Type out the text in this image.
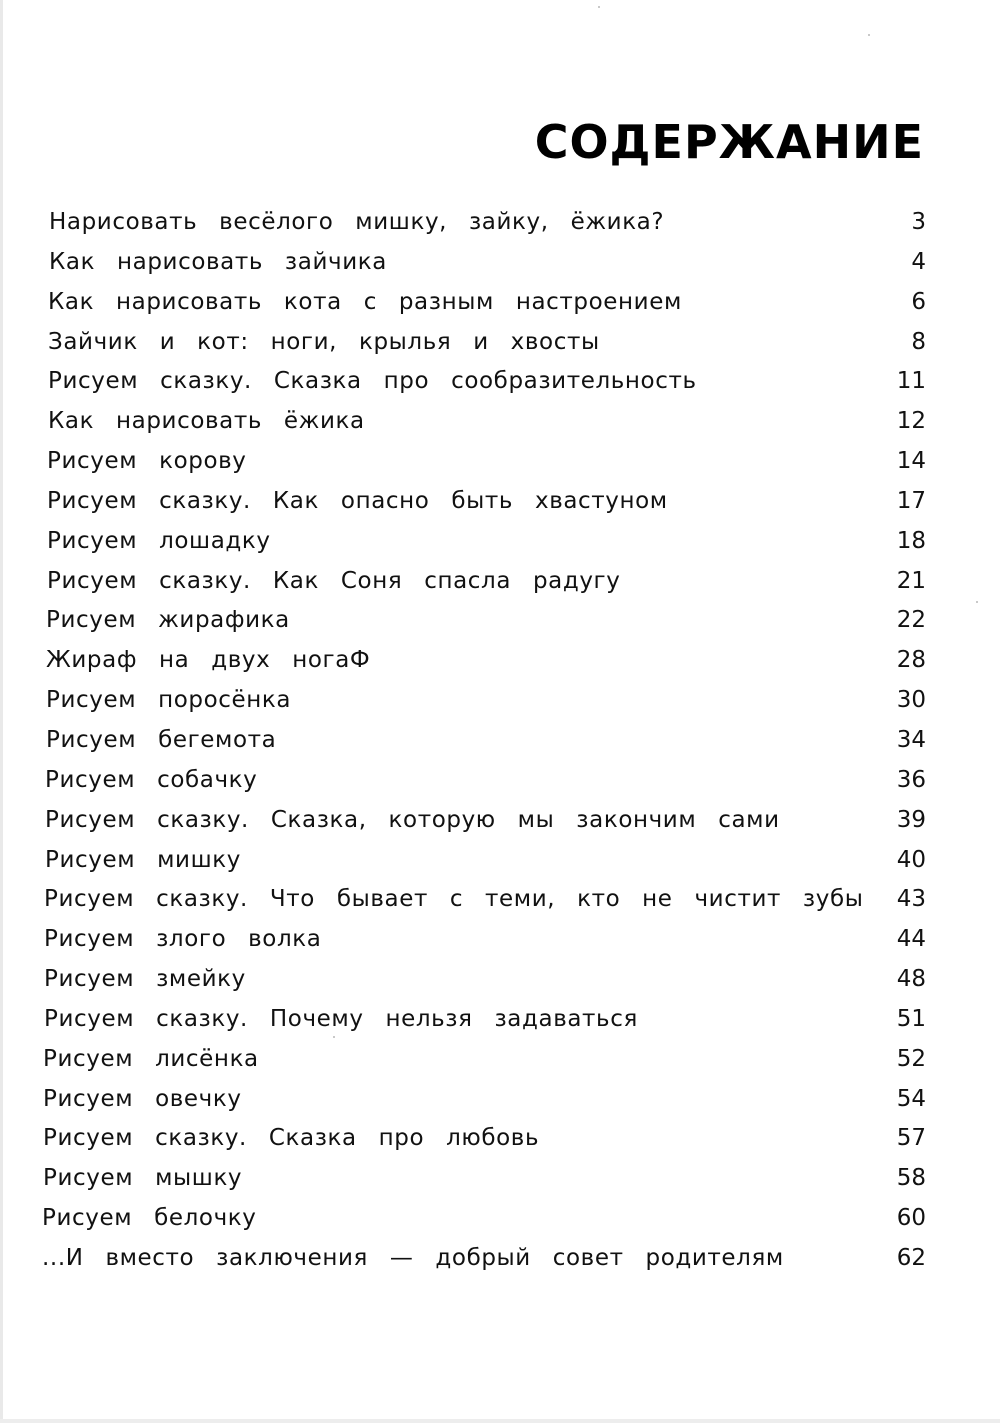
СОДЕРЖАНИЕ
Нарисовать весёлого мишку, зайку, ёжика?	3
Как нарисовать зайчика	4
Как нарисовать кота с разным настроением	6
Зайчик и кот: ноги, крылья и хвосты	8
Рисуем сказку. Сказка про сообразительность	11
Как нарисовать ёжика	12
Рисуем корову	14
Рисуем сказку. Как опасно быть хвастуном	17
Рисуем лошадку	18
Рисуем сказку. Как Соня спасла радугу	21
Рисуем жирафика	22
Жираф на двух ногаФ	28
Рисуем поросёнка	30
Рисуем бегемота	34
Рисуем собачку	36
Рисуем сказку. Сказка, которую мы закончим сами	39
Рисуем мишку	40
Рисуем сказку. Что бывает с теми, кто не чистит зубы 43
Рисуем злого волка	44
Рисуем змейку	48
Рисуем сказку. Почему нельзя задаваться	51
Рисуем лисёнка	52
Рисуем овечку	54
Рисуем сказку. Сказка про любовь	57
Рисуем мышку	58
Рисуем белочку	60
...И вместо заключения — добрый совет родителям	62
